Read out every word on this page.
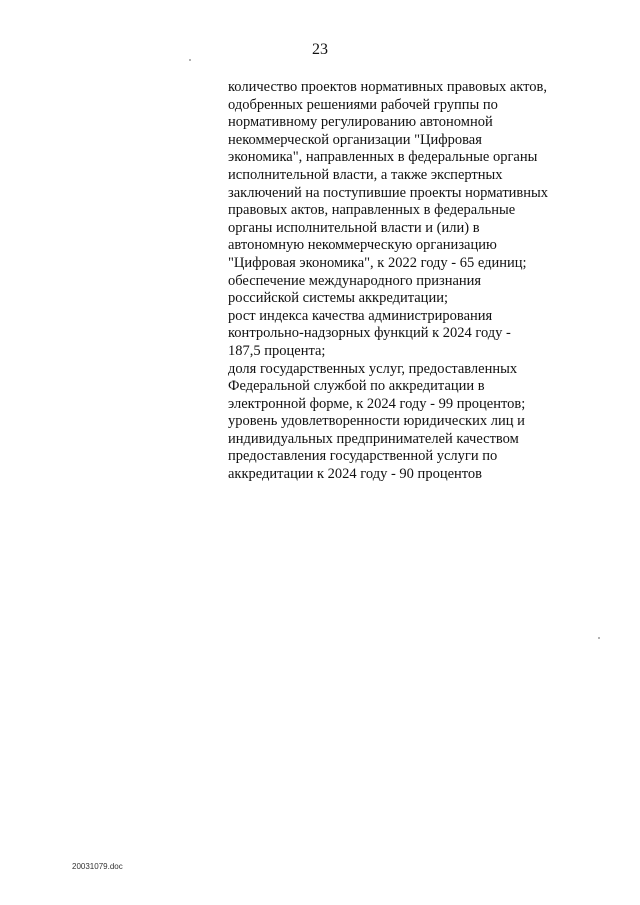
23
количество проектов нормативных правовых актов,
одобренных решениями рабочей группы по
нормативному регулированию автономной
некоммерческой организации "Цифровая
экономика", направленных в федеральные органы
исполнительной власти, а также экспертных
заключений на поступившие проекты нормативных
правовых актов, направленных в федеральные
органы исполнительной власти и (или) в
автономную некоммерческую организацию
"Цифровая экономика", к 2022 году - 65 единиц;
обеспечение международного признания
российской системы аккредитации;
рост индекса качества администрирования
контрольно-надзорных функций к 2024 году -
187,5 процента;
доля государственных услуг, предоставленных
Федеральной службой по аккредитации в
электронной форме, к 2024 году - 99 процентов;
уровень удовлетворенности юридических лиц и
индивидуальных предпринимателей качеством
предоставления государственной услуги по
аккредитации к 2024 году - 90 процентов
20031079.doc
